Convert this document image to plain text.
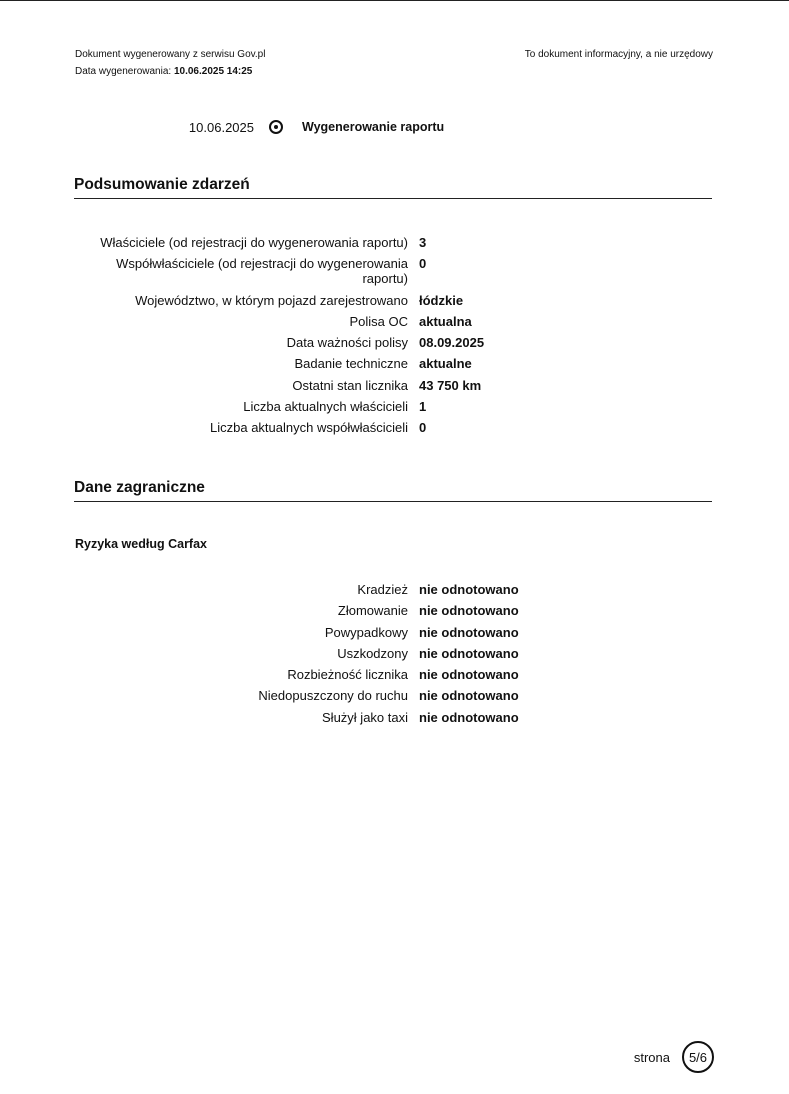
Dokument wygenerowany z serwisu Gov.pl
Data wygenerowania: 10.06.2025 14:25
To dokument informacyjny, a nie urzędowy
10.06.2025	Wygenerowanie raportu
Podsumowanie zdarzeń
Właściciele (od rejestracji do wygenerowania raportu) 3
Współwłaściciele (od rejestracji do wygenerowania raportu)
0
Województwo, w którym pojazd zarejestrowano łódzkie
Polisa OC aktualna
Data ważności polisy 08.09.2025
Badanie techniczne aktualne
Ostatni stan licznika 43 750 km
Liczba aktualnych właścicieli 1
Liczba aktualnych współwłaścicieli 0
Dane zagraniczne
Ryzyka według Carfax
Kradzież nie odnotowano
Złomowanie nie odnotowano
Powypadkowy nie odnotowano
Uszkodzony nie odnotowano
Rozbieżność licznika nie odnotowano
Niedopuszczony do ruchu nie odnotowano
Służył jako taxi nie odnotowano
strona	5/6
